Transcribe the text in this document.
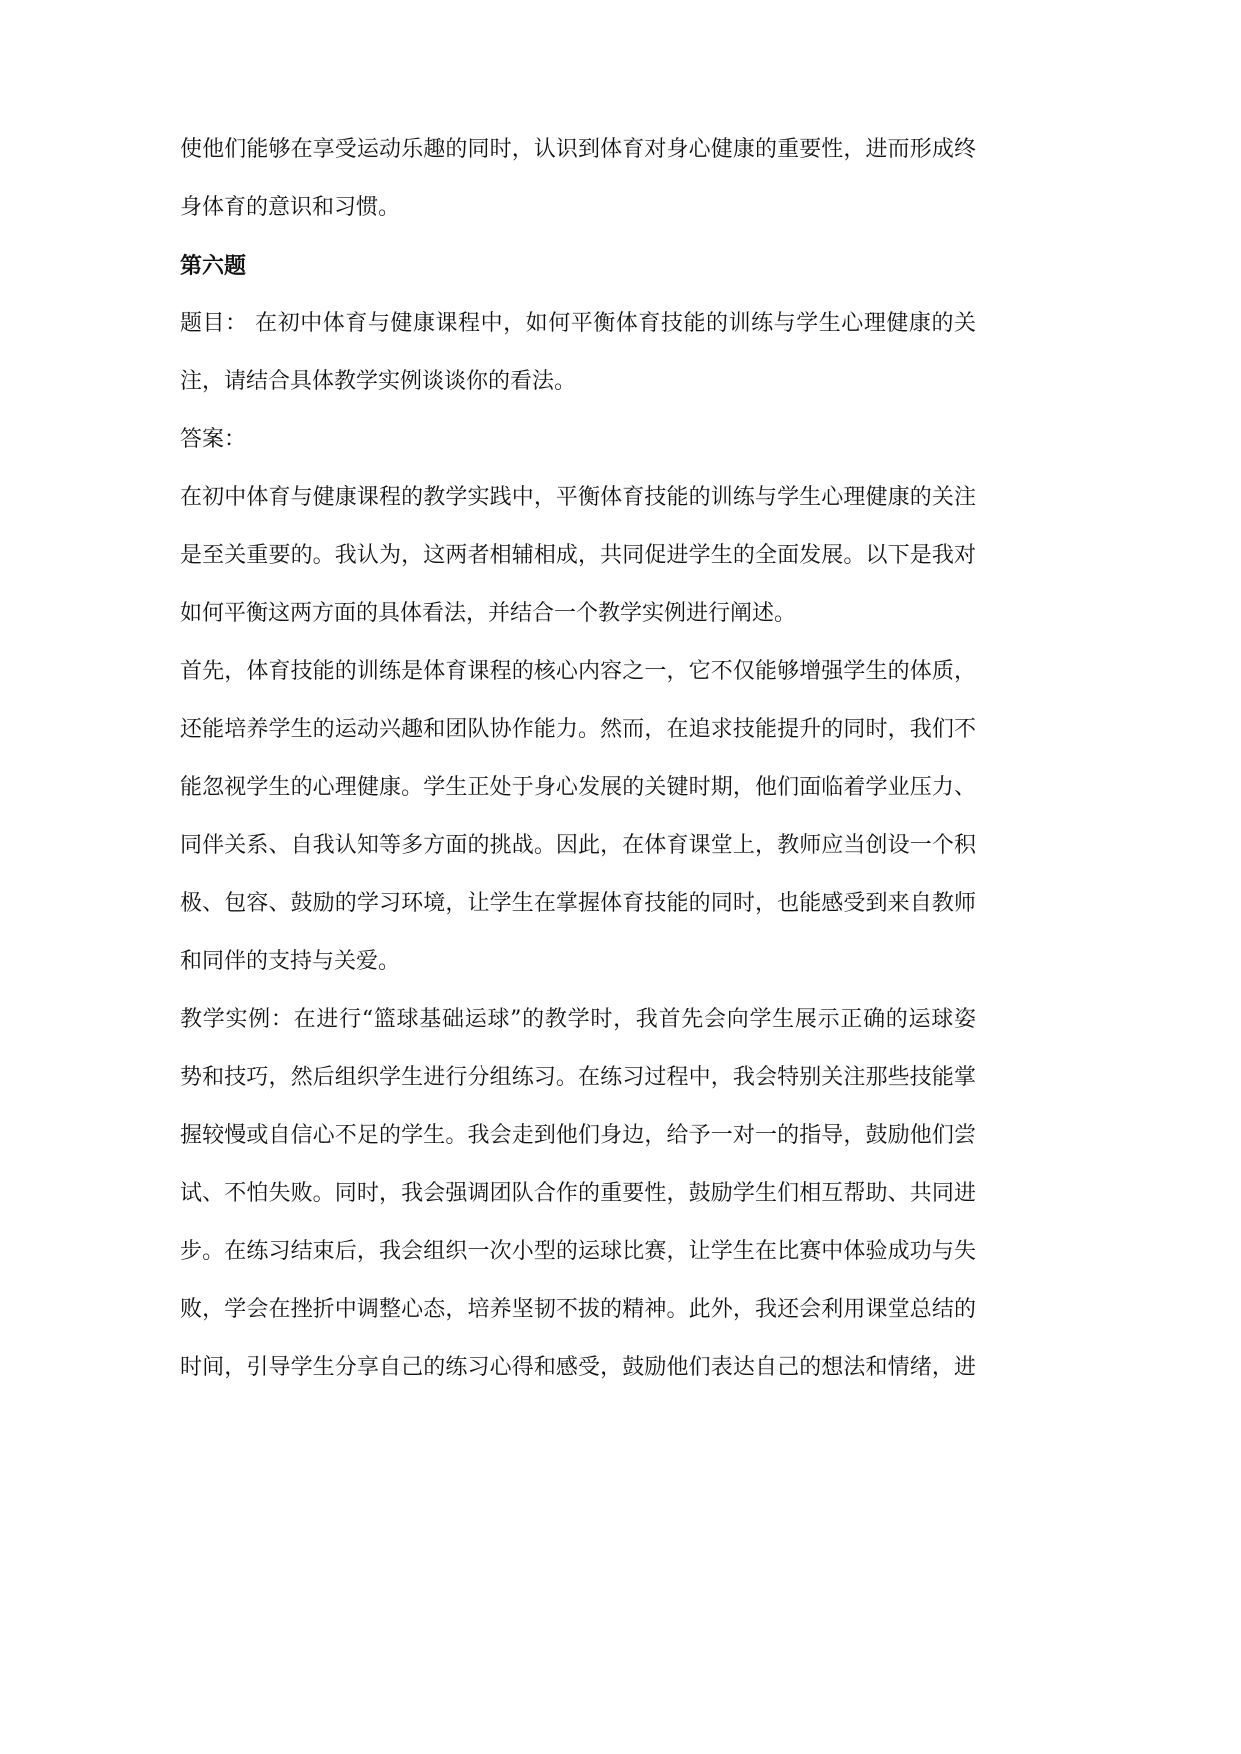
使他们能够在享受运动乐趣的同时，认识到体育对身心健康的重要性，进而形成终
身体育的意识和习惯。
第六题
题目： 在初中体育与健康课程中，如何平衡体育技能的训练与学生心理健康的关
注，请结合具体教学实例谈谈你的看法。
答案：
在初中体育与健康课程的教学实践中，平衡体育技能的训练与学生心理健康的关注
是至关重要的。我认为，这两者相辅相成，共同促进学生的全面发展。以下是我对
如何平衡这两方面的具体看法，并结合一个教学实例进行阐述。
首先，体育技能的训练是体育课程的核心内容之一，它不仅能够增强学生的体质，
还能培养学生的运动兴趣和团队协作能力。然而，在追求技能提升的同时，我们不
能忽视学生的心理健康。学生正处于身心发展的关键时期，他们面临着学业压力、
同伴关系、自我认知等多方面的挑战。因此，在体育课堂上，教师应当创设一个积
极、包容、鼓励的学习环境，让学生在掌握体育技能的同时，也能感受到来自教师
和同伴的支持与关爱。
教学实例：在进行“篮球基础运球”的教学时，我首先会向学生展示正确的运球姿
势和技巧，然后组织学生进行分组练习。在练习过程中，我会特别关注那些技能掌
握较慢或自信心不足的学生。我会走到他们身边，给予一对一的指导，鼓励他们尝
试、不怕失败。同时，我会强调团队合作的重要性，鼓励学生们相互帮助、共同进
步。在练习结束后，我会组织一次小型的运球比赛，让学生在比赛中体验成功与失
败，学会在挫折中调整心态，培养坚韧不拔的精神。此外，我还会利用课堂总结的
时间，引导学生分享自己的练习心得和感受，鼓励他们表达自己的想法和情绪，进
